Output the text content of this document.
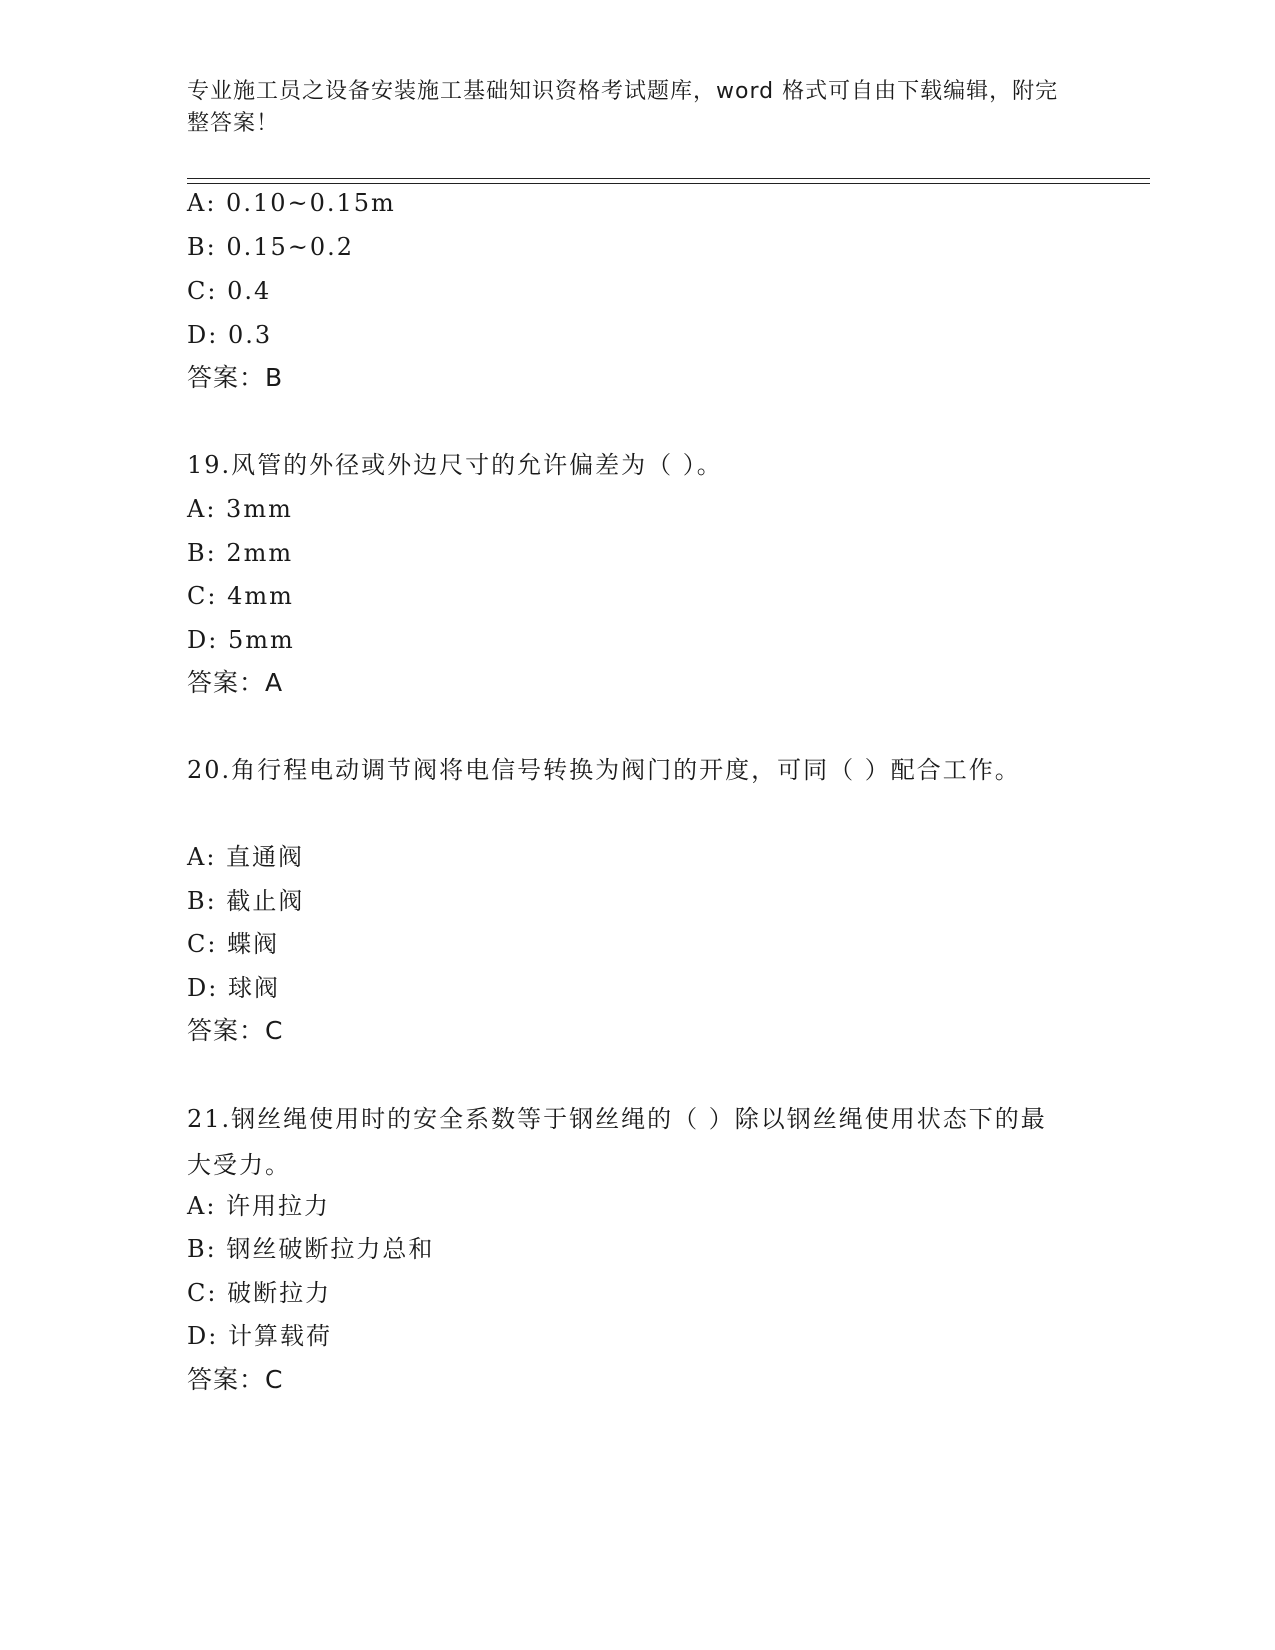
专业施工员之设备安装施工基础知识资格考试题库，word 格式可自由下载编辑，附完整答案！
A: 0.10~0.15m
B: 0.15~0.2
C: 0.4
D: 0.3
答案：B
19.风管的外径或外边尺寸的允许偏差为（ ）。
A: 3mm
B: 2mm
C: 4mm
D: 5mm
答案：A
20.角行程电动调节阀将电信号转换为阀门的开度，可同（ ）配合工作。
A: 直通阀
B: 截止阀
C: 蝶阀
D: 球阀
答案：C
21.钢丝绳使用时的安全系数等于钢丝绳的（ ）除以钢丝绳使用状态下的最大受力。
A: 许用拉力
B: 钢丝破断拉力总和
C: 破断拉力
D: 计算载荷
答案：C
